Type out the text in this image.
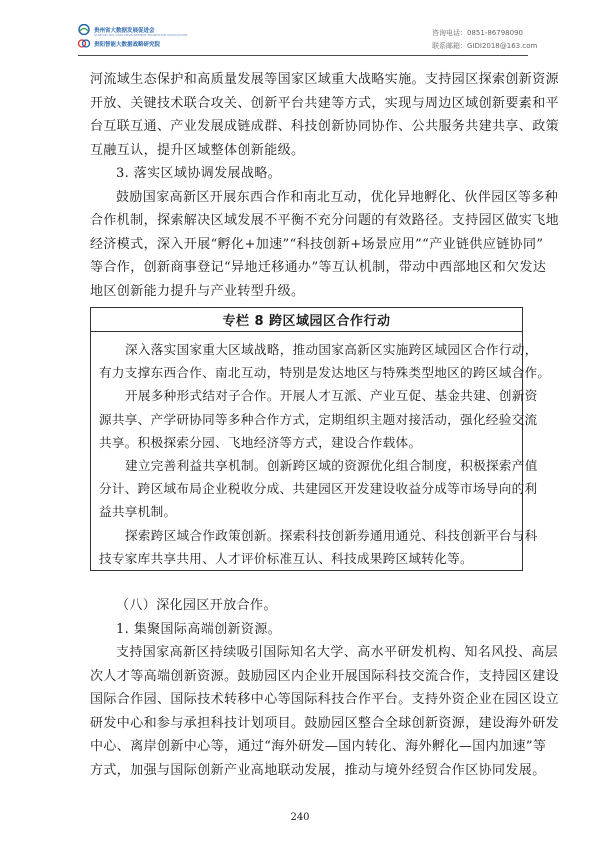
贵州省大数据发展促进会
GUIZHOU BIG DATA DEVELOPMENT PROMOTION ASSOCIATION
贵阳智能大数据战略研究院
咨询电话：0851-86798090
联系邮箱：GIDI2018@163.com
河流域生态保护和高质量发展等国家区域重大战略实施。支持园区探索创新资源
开放、关键技术联合攻关、创新平台共建等方式，实现与周边区域创新要素和平
台互联互通、产业发展成链成群、科技创新协同协作、公共服务共建共享、政策
互融互认，提升区域整体创新能级。
3. 落实区域协调发展战略。
鼓励国家高新区开展东西合作和南北互动，优化异地孵化、伙伴园区等多种
合作机制，探索解决区域发展不平衡不充分问题的有效路径。支持园区做实飞地
经济模式，深入开展“孵化+加速”“科技创新+场景应用”“产业链供应链协同”
等合作，创新商事登记“异地迁移通办”等互认机制，带动中西部地区和欠发达
地区创新能力提升与产业转型升级。
专栏 8 跨区域园区合作行动
深入落实国家重大区域战略，推动国家高新区实施跨区域园区合作行动，
有力支撑东西合作、南北互动，特别是发达地区与特殊类型地区的跨区域合作。
开展多种形式结对子合作。开展人才互派、产业互促、基金共建、创新资
源共享、产学研协同等多种合作方式，定期组织主题对接活动，强化经验交流
共享。积极探索分园、飞地经济等方式，建设合作载体。
建立完善利益共享机制。创新跨区域的资源优化组合制度，积极探索产值
分计、跨区域布局企业税收分成、共建园区开发建设收益分成等市场导向的利
益共享机制。
探索跨区域合作政策创新。探索科技创新券通用通兑、科技创新平台与科
技专家库共享共用、人才评价标准互认、科技成果跨区域转化等。
（八）深化园区开放合作。
1. 集聚国际高端创新资源。
支持国家高新区持续吸引国际知名大学、高水平研发机构、知名风投、高层
次人才等高端创新资源。鼓励园区内企业开展国际科技交流合作，支持园区建设
国际合作园、国际技术转移中心等国际科技合作平台。支持外资企业在园区设立
研发中心和参与承担科技计划项目。鼓励园区整合全球创新资源，建设海外研发
中心、离岸创新中心等，通过“海外研发—国内转化、海外孵化—国内加速”等
方式，加强与国际创新产业高地联动发展，推动与境外经贸合作区协同发展。
240
